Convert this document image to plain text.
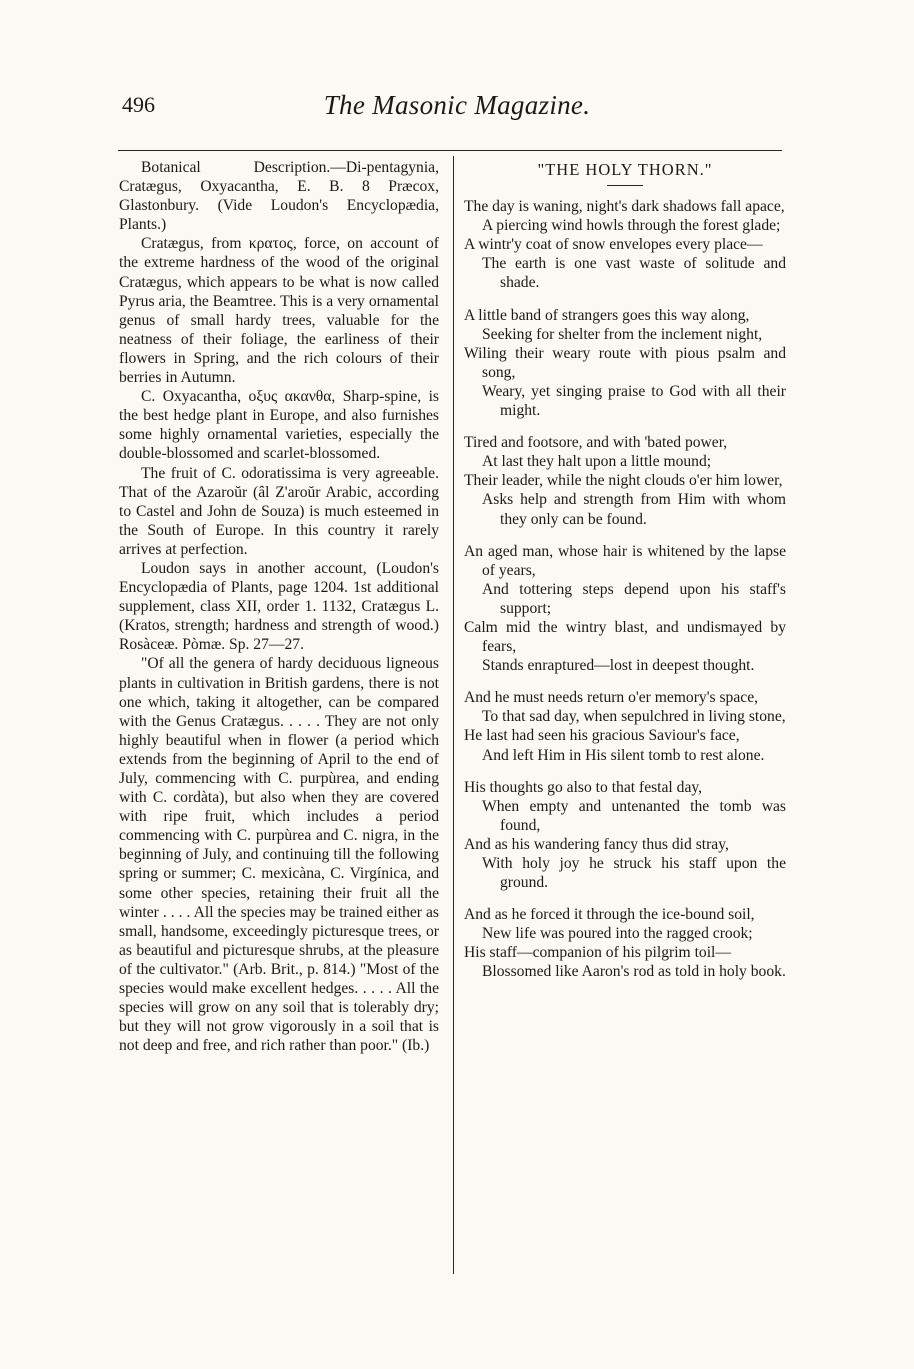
496	The Masonic Magazine.

Botanical Description.—Di-pentagynia, Cratægus, Oxyacantha, E. B. 8 Præcox, Glastonbury. (Vide Loudon's Encyclopædia, Plants.)

Cratægus, from κρατος, force, on account of the extreme hardness of the wood of the original Cratægus, which appears to be what is now called Pyrus aria, the Beamtree. This is a very ornamental genus of small hardy trees, valuable for the neatness of their foliage, the earliness of their flowers in Spring, and the rich colours of their berries in Autumn.

C. Oxyacantha, οξυς ακανθα, Sharp-spine, is the best hedge plant in Europe, and also furnishes some highly ornamental varieties, especially the double-blossomed and scarlet-blossomed.

The fruit of C. odoratissima is very agreeable. That of the Azaroŭr (âl Z'aroŭr Arabic, according to Castel and John de Souza) is much esteemed in the South of Europe. In this country it rarely arrives at perfection.

Loudon says in another account, (Loudon's Encyclopædia of Plants, page 1204. 1st additional supplement, class XII, order 1. 1132, Cratægus L. (Kratos, strength; hardness and strength of wood.) Rosàceæ. Pòmæ. Sp. 27—27.

"Of all the genera of hardy deciduous ligneous plants in cultivation in British gardens, there is not one which, taking it altogether, can be compared with the Genus Cratægus. . . . . They are not only highly beautiful when in flower (a period which extends from the beginning of April to the end of July, commencing with C. purpùrea, and ending with C. cordàta), but also when they are covered with ripe fruit, which includes a period commencing with C. purpùrea and C. nigra, in the beginning of July, and continuing till the following spring or summer; C. mexicàna, C. Virgínica, and some other species, retaining their fruit all the winter . . . . All the species may be trained either as small, handsome, exceedingly picturesque trees, or as beautiful and picturesque shrubs, at the pleasure of the cultivator." (Arb. Brit., p. 814.) "Most of the species would make excellent hedges. . . . . All the species will grow on any soil that is tolerably dry; but they will not grow vigorously in a soil that is not deep and free, and rich rather than poor." (Ib.)

"THE HOLY THORN."

The day is waning, night's dark shadows fall apace,

A piercing wind howls through the forest glade;

A wintr'y coat of snow envelopes every place—

The earth is one vast waste of solitude and shade.

A little band of strangers goes this way along,

Seeking for shelter from the inclement night,

Wiling their weary route with pious psalm and song,

Weary, yet singing praise to God with all their might.

Tired and footsore, and with 'bated power,

At last they halt upon a little mound;

Their leader, while the night clouds o'er him lower,

Asks help and strength from Him with whom they only can be found.

An aged man, whose hair is whitened by the lapse of years,

And tottering steps depend upon his staff's support;

Calm mid the wintry blast, and undismayed by fears,

Stands enraptured—lost in deepest thought.

And he must needs return o'er memory's space,

To that sad day, when sepulchred in living stone,

He last had seen his gracious Saviour's face,

And left Him in His silent tomb to rest alone.

His thoughts go also to that festal day,

When empty and untenanted the tomb was found,

And as his wandering fancy thus did stray,

With holy joy he struck his staff upon the ground.

And as he forced it through the ice-bound soil,

New life was poured into the ragged crook;

His staff—companion of his pilgrim toil—

Blossomed like Aaron's rod as told in holy book.
